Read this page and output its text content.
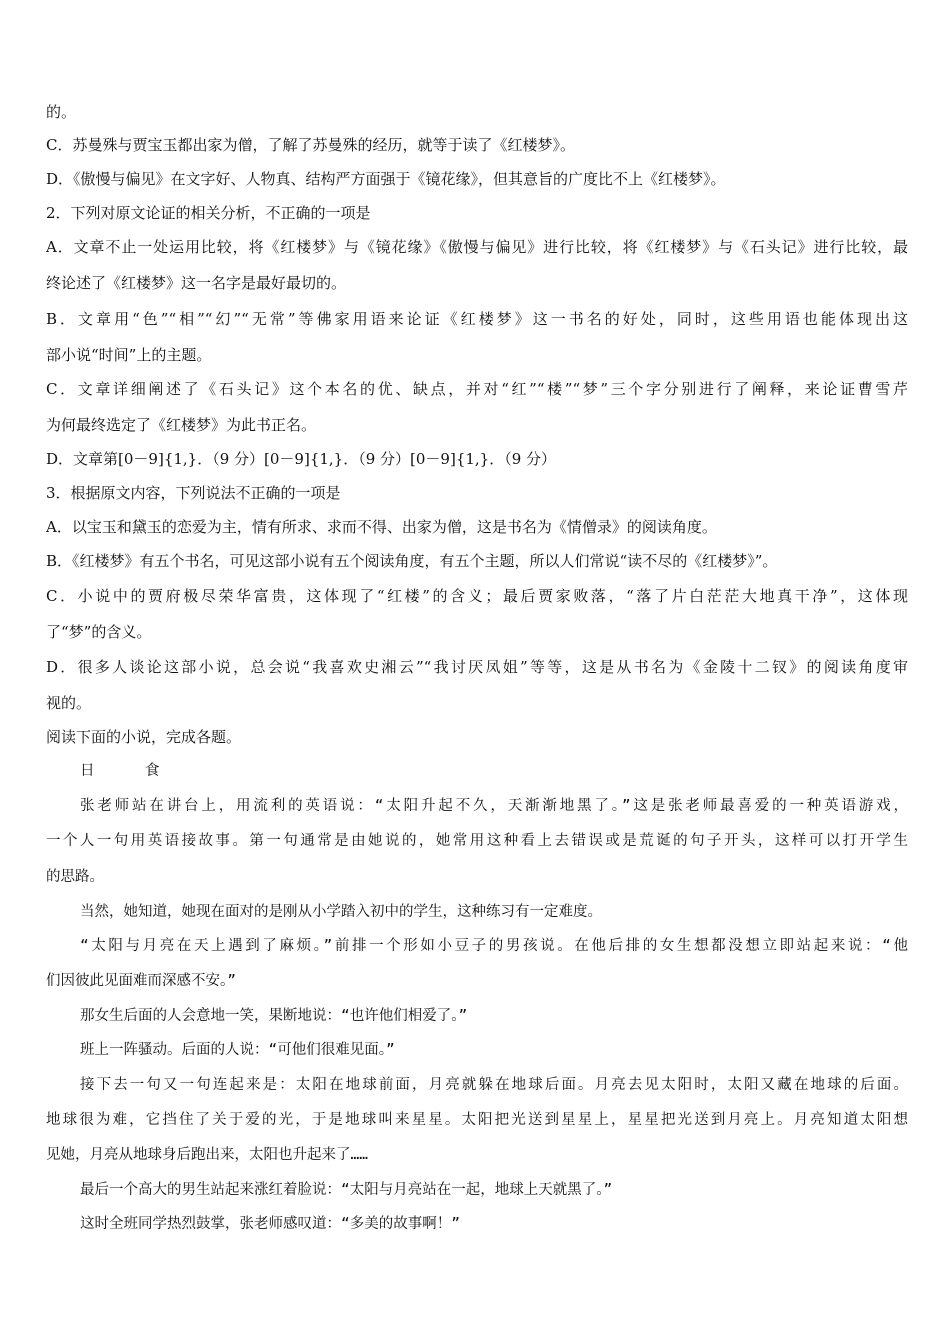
的。
C．苏曼殊与贾宝玉都出家为僧，了解了苏曼殊的经历，就等于读了《红楼梦》。
D．《傲慢与偏见》在文字好、人物真、结构严方面强于《镜花缘》，但其意旨的广度比不上《红楼梦》。
2．下列对原文论证的相关分析，不正确的一项是
A．文章不止一处运用比较，将《红楼梦》与《镜花缘》《傲慢与偏见》进行比较，将《红楼梦》与《石头记》进行比较，最
终论述了《红楼梦》这一名字是最好最切的。
B．文章用“色”“相”“幻”“无常”等佛家用语来论证《红楼梦》这一书名的好处，同时，这些用语也能体现出这
部小说“时间”上的主题。
C．文章详细阐述了《石头记》这个本名的优、缺点，并对“红”“楼”“梦”三个字分别进行了阐释，来论证曹雪芹
为何最终选定了《红楼梦》为此书正名。
D．文章第[0－9]{1,}．（9 分）[0－9]{1,}．（9 分）[0－9]{1,}．（9 分）
3．根据原文内容，下列说法不正确的一项是
A．以宝玉和黛玉的恋爱为主，情有所求、求而不得、出家为僧，这是书名为《情僧录》的阅读角度。
B．《红楼梦》有五个书名，可见这部小说有五个阅读角度，有五个主题，所以人们常说“读不尽的《红楼梦》”。
C．小说中的贾府极尽荣华富贵，这体现了“红楼”的含义；最后贾家败落，“落了片白茫茫大地真干净”，这体现
了“梦”的含义。
D．很多人谈论这部小说，总会说“我喜欢史湘云”“我讨厌凤姐”等等，这是从书名为《金陵十二钗》的阅读角度审
视的。
阅读下面的小说，完成各题。
日　食
张老师站在讲台上，用流利的英语说：“太阳升起不久，天渐渐地黑了。”这是张老师最喜爱的一种英语游戏，
一个人一句用英语接故事。第一句通常是由她说的，她常用这种看上去错误或是荒诞的句子开头，这样可以打开学生
的思路。
当然，她知道，她现在面对的是刚从小学踏入初中的学生，这种练习有一定难度。
“太阳与月亮在天上遇到了麻烦。”前排一个形如小豆子的男孩说。在他后排的女生想都没想立即站起来说：“他
们因彼此见面难而深感不安。”
那女生后面的人会意地一笑，果断地说：“也许他们相爱了。”
班上一阵骚动。后面的人说：“可他们很难见面。”
接下去一句又一句连起来是：太阳在地球前面，月亮就躲在地球后面。月亮去见太阳时，太阳又藏在地球的后面。
地球很为难，它挡住了关于爱的光，于是地球叫来星星。太阳把光送到星星上，星星把光送到月亮上。月亮知道太阳想
见她，月亮从地球身后跑出来，太阳也升起来了……
最后一个高大的男生站起来涨红着脸说：“太阳与月亮站在一起，地球上天就黑了。”
这时全班同学热烈鼓掌，张老师感叹道：“多美的故事啊！”
